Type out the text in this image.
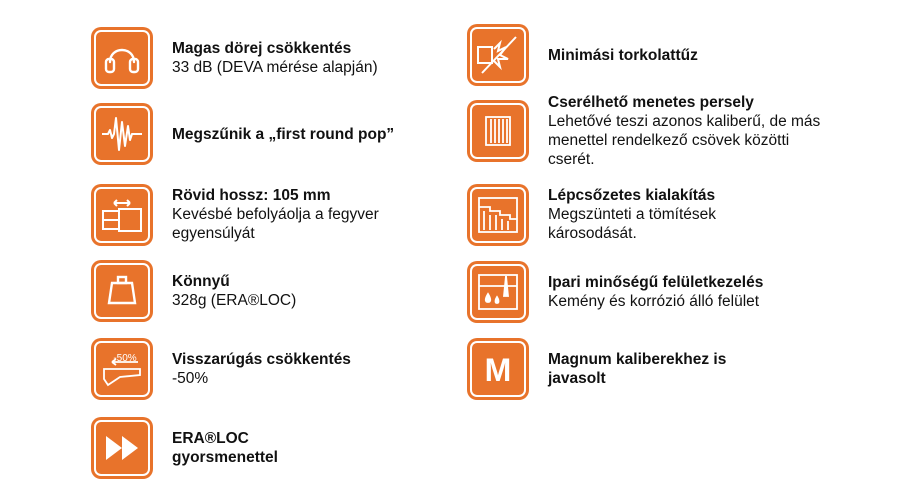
Magas dörej csökkentés
33 dB (DEVA mérése alapján)
Megszűnik a „first round pop”
Rövid hossz: 105 mm
Kevésbé befolyáolja a fegyver egyensúlyát
Könnyű
328g (ERA®LOC)
-50% Visszarúgás csökkentés
-50%
ERA®LOC gyorsmenettel
Minimási torkolattűz
Cserélhető menetes persely
Lehetővé teszi azonos kaliberű, de más menettel rendelkező csövek közötti cserét.
Lépcsőzetes kialakítás
Megszünteti a tömítések károsodását.
Ipari minőségű felületkezelés
Kemény és korrózió álló felület
M Magnum kaliberekhez is javasolt
